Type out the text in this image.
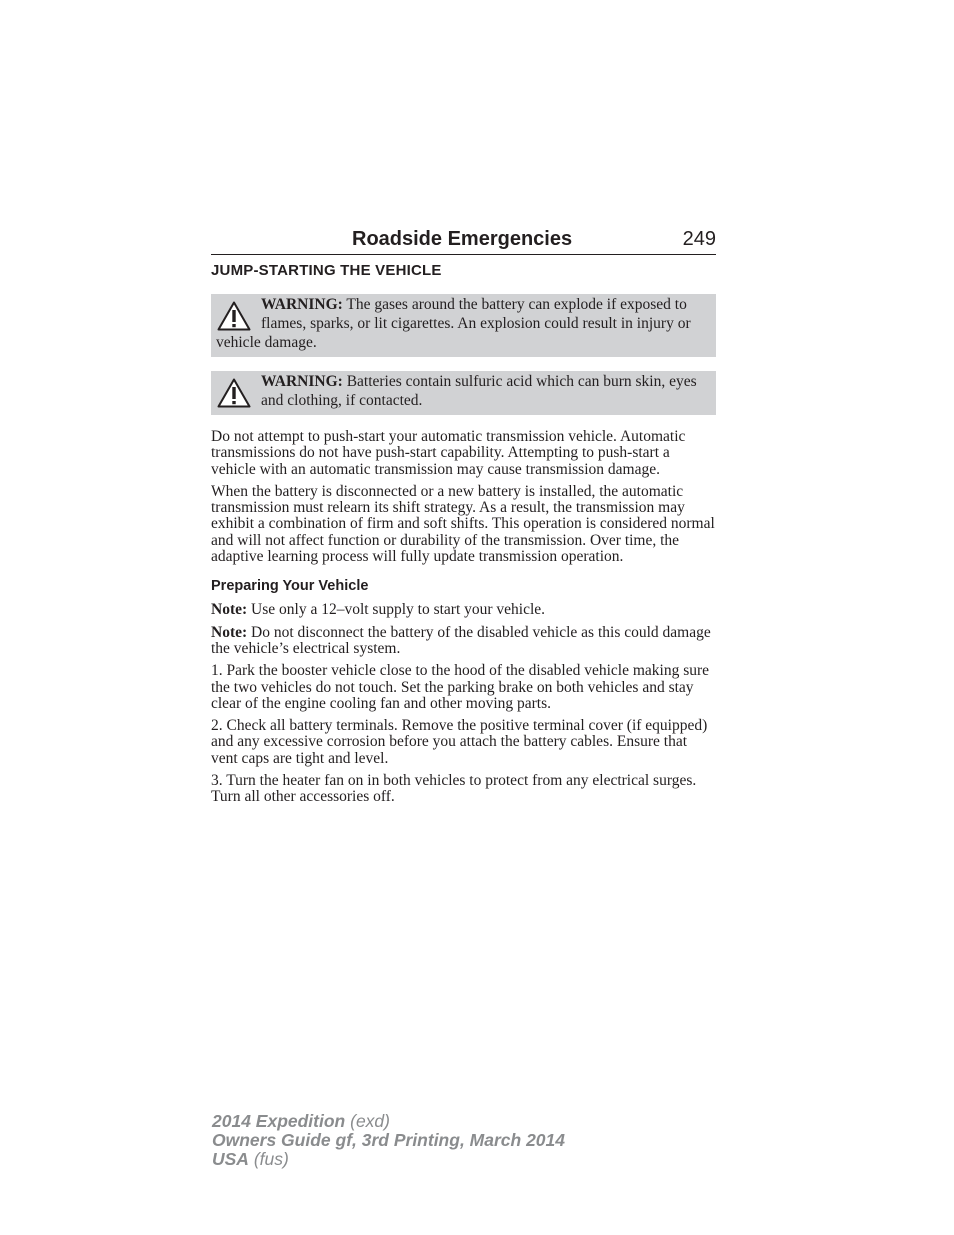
Roadside Emergencies	249
JUMP-STARTING THE VEHICLE
WARNING: The gases around the battery can explode if exposed to flames, sparks, or lit cigarettes. An explosion could result in injury or vehicle damage.
WARNING: Batteries contain sulfuric acid which can burn skin, eyes and clothing, if contacted.

Do not attempt to push-start your automatic transmission vehicle. Automatic transmissions do not have push-start capability. Attempting to push-start a vehicle with an automatic transmission may cause transmission damage.

When the battery is disconnected or a new battery is installed, the automatic transmission must relearn its shift strategy. As a result, the transmission may exhibit a combination of firm and soft shifts. This operation is considered normal and will not affect function or durability of the transmission. Over time, the adaptive learning process will fully update transmission operation.

Preparing Your Vehicle

Note: Use only a 12–volt supply to start your vehicle.

Note: Do not disconnect the battery of the disabled vehicle as this could damage the vehicle’s electrical system.

1. Park the booster vehicle close to the hood of the disabled vehicle making sure the two vehicles do not touch. Set the parking brake on both vehicles and stay clear of the engine cooling fan and other moving parts.

2. Check all battery terminals. Remove the positive terminal cover (if equipped) and any excessive corrosion before you attach the battery cables. Ensure that vent caps are tight and level.

3. Turn the heater fan on in both vehicles to protect from any electrical surges. Turn all other accessories off.

2014 Expedition (exd)
Owners Guide gf, 3rd Printing, March 2014
USA (fus)
